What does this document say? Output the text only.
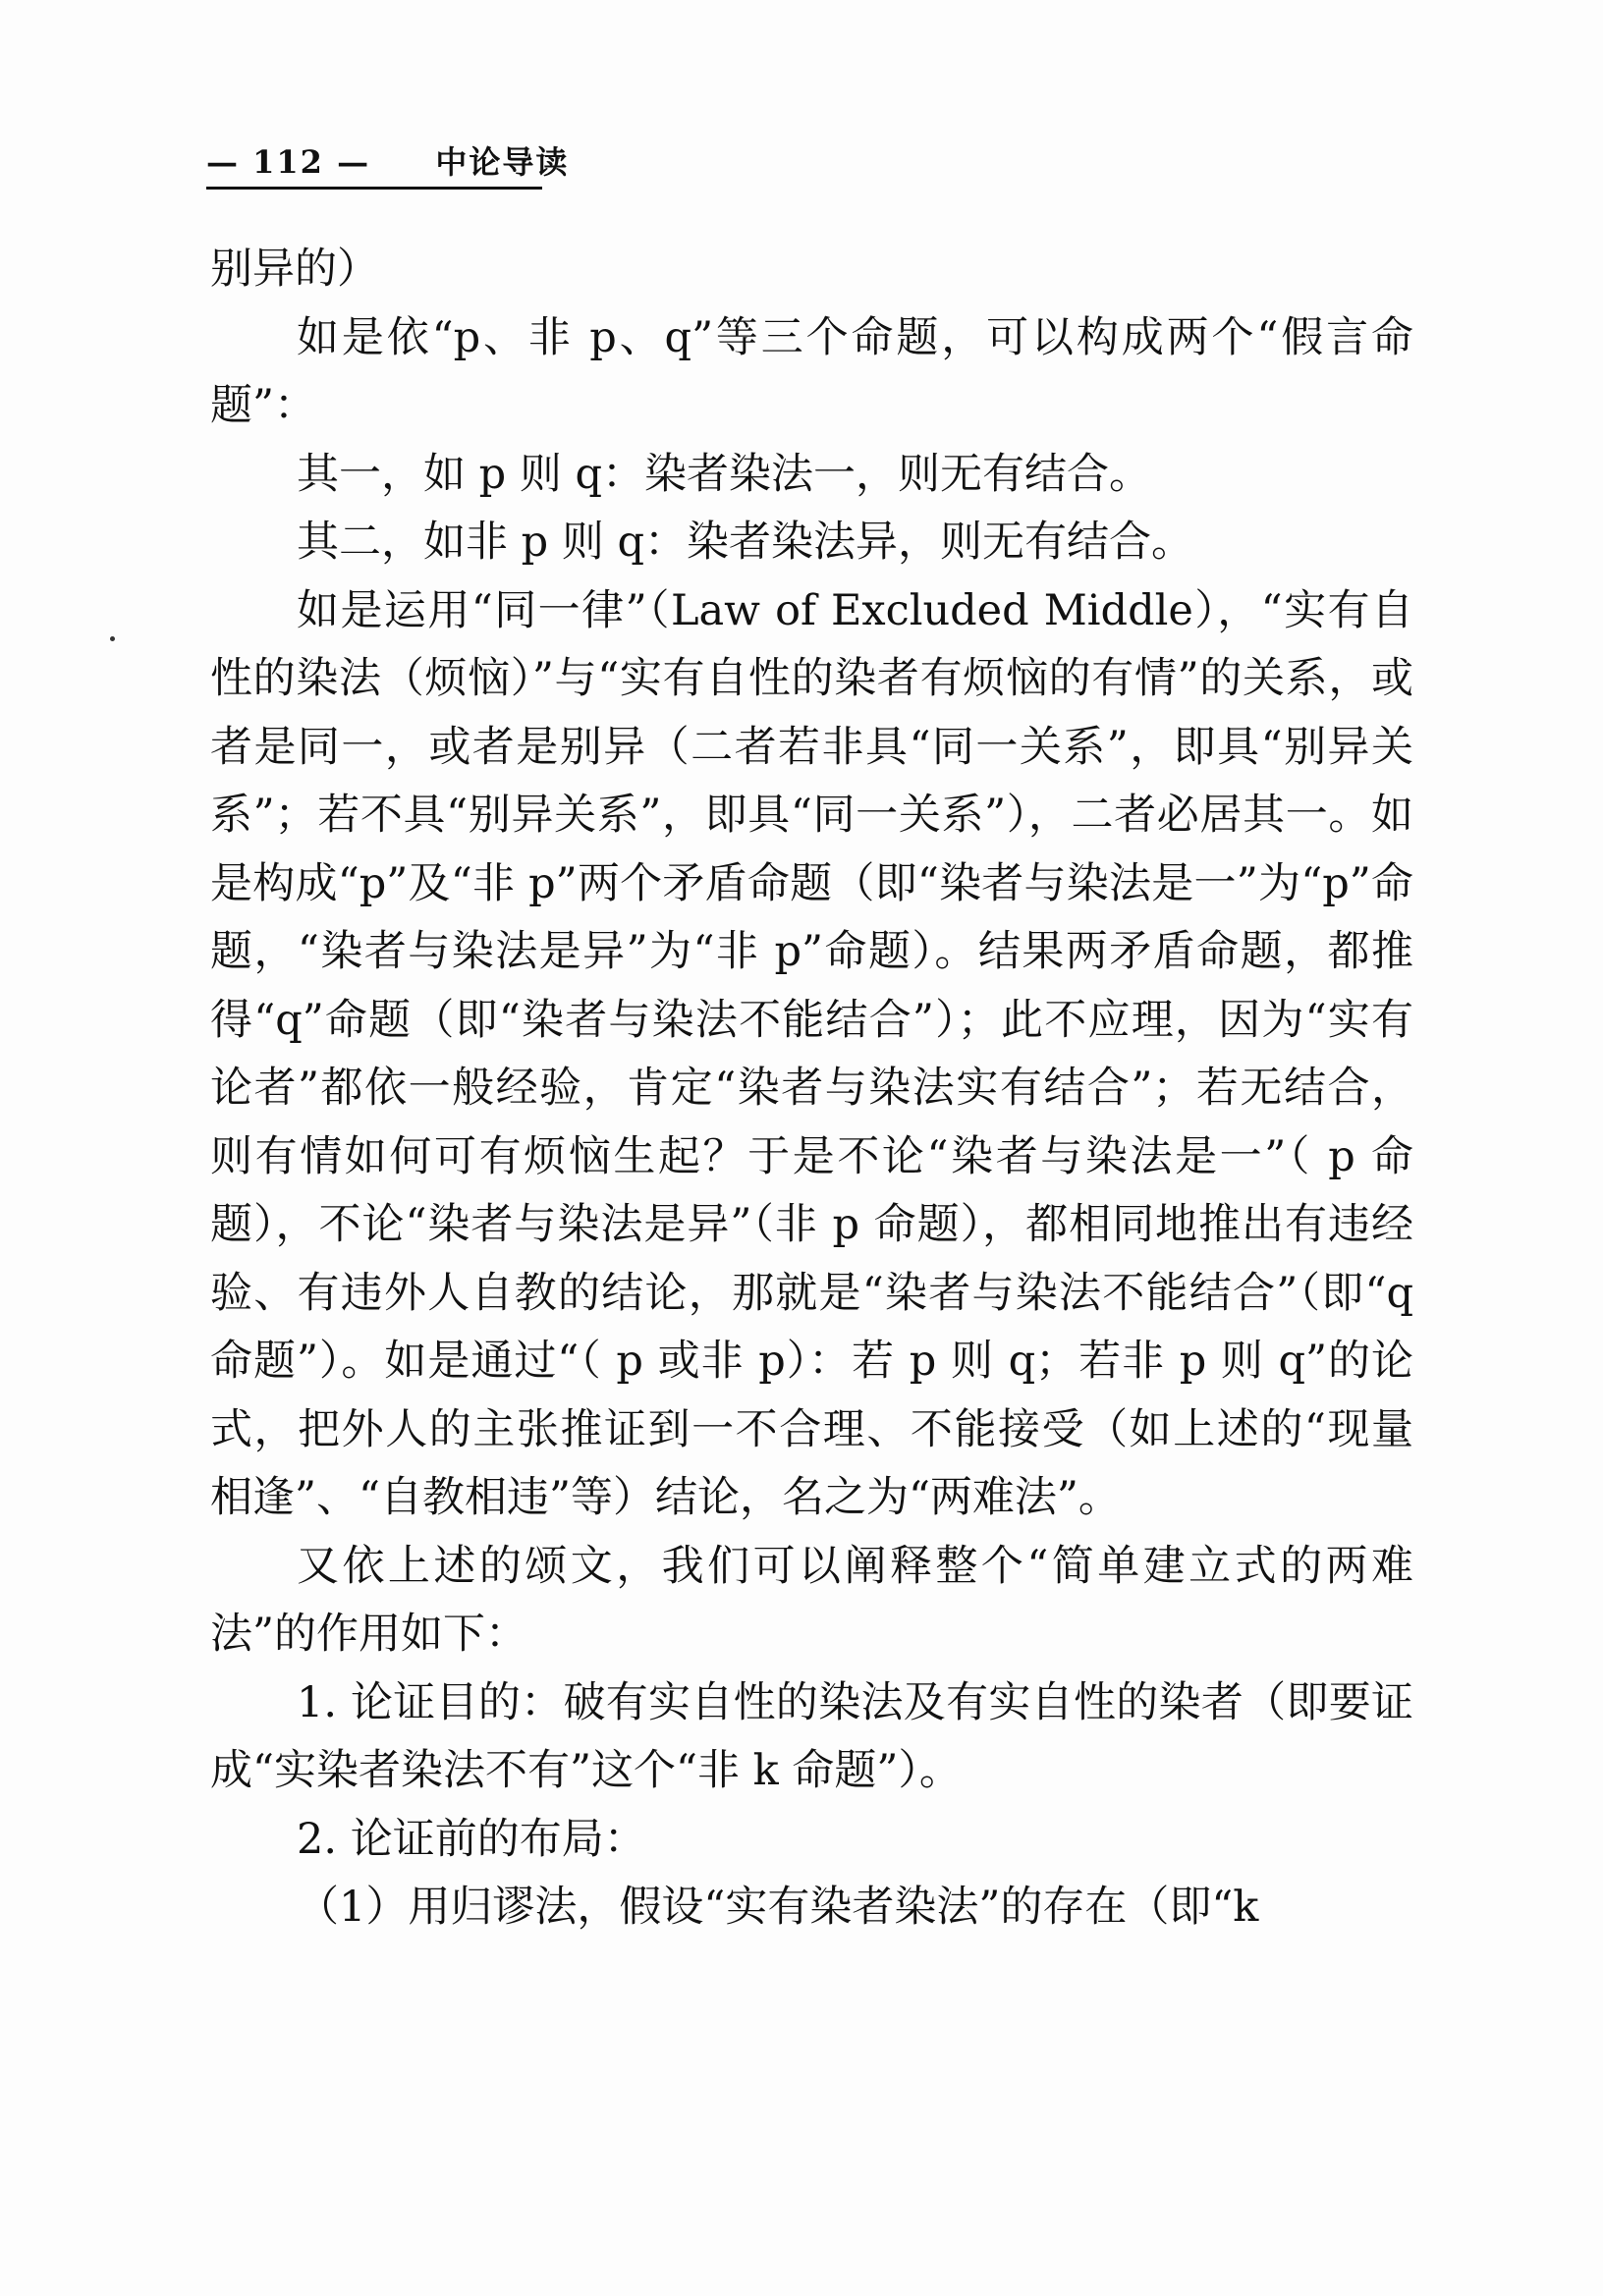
— 112 — 中论导读

别异的）

如是依“p、非 p、q”等三个命题，可以构成两个“假言命题”：

其一，如 p 则 q：染者染法一，则无有结合。

其二，如非 p 则 q：染者染法异，则无有结合。

如是运用“同一律”（Law of Excluded Middle），“实有自性的染法（烦恼）”与“实有自性的染者有烦恼的有情”的关系，或者是同一，或者是别异（二者若非具“同一关系”，即具“别异关系”；若不具“别异关系”，即具“同一关系”），二者必居其一。如是构成“p”及“非 p”两个矛盾命题（即“染者与染法是一”为“p”命题，“染者与染法是异”为“非 p”命题）。结果两矛盾命题，都推得“q”命题（即“染者与染法不能结合”）；此不应理，因为“实有论者”都依一般经验，肯定“染者与染法实有结合”；若无结合，则有情如何可有烦恼生起？于是不论“染者与染法是一”（ p 命题），不论“染者与染法是异”（非 p 命题），都相同地推出有违经验、有违外人自教的结论，那就是“染者与染法不能结合”（即“q 命题”）。如是通过“（ p 或非 p）：若 p 则 q；若非 p 则 q”的论式，把外人的主张推证到一不合理、不能接受（如上述的“现量相逢”、“自教相违”等）结论，名之为“两难法”。

又依上述的颂文，我们可以阐释整个“简单建立式的两难法”的作用如下：

1. 论证目的：破有实自性的染法及有实自性的染者（即要证成“实染者染法不有”这个“非 k 命题”）。

2. 论证前的布局：

（1）用归谬法，假设“实有染者染法”的存在（即“k
